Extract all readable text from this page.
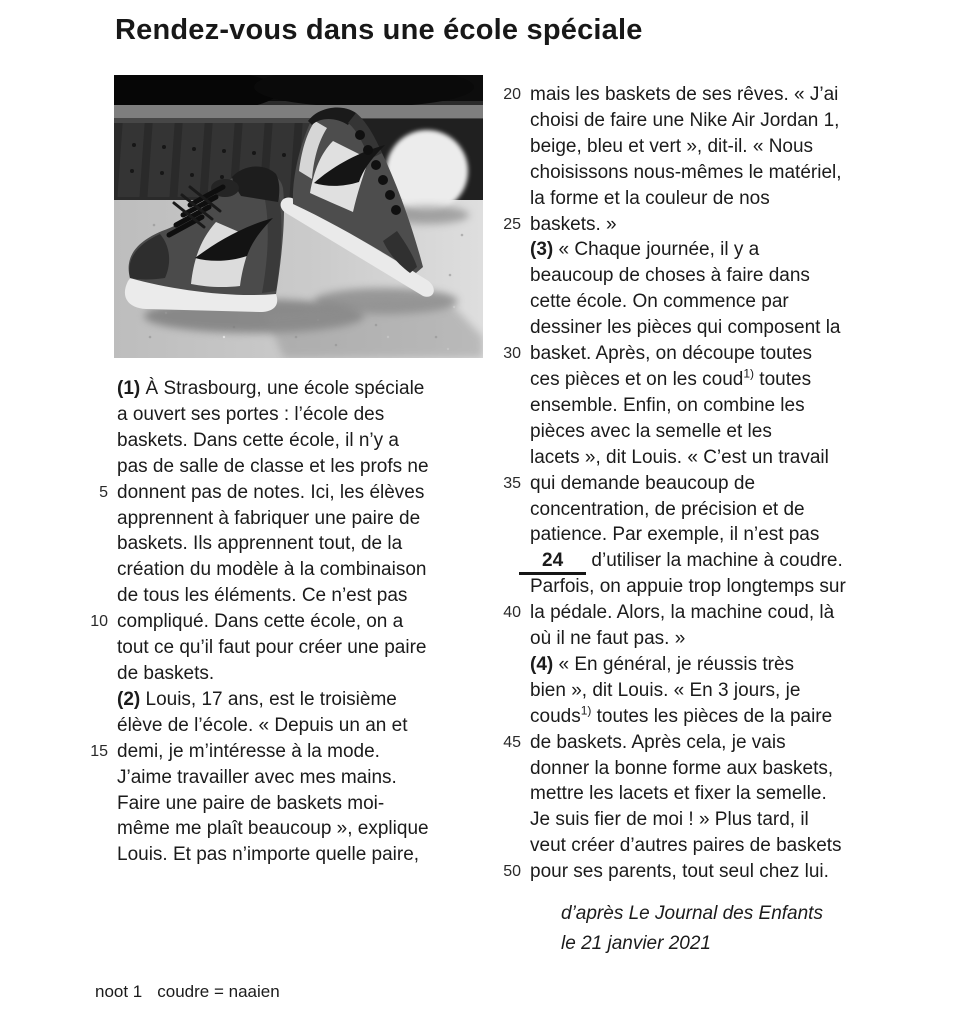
Rendez-vous dans une école spéciale
(1) À Strasbourg, une école spéciale
a ouvert ses portes : l’école des
baskets. Dans cette école, il n’y a
pas de salle de classe et les profs ne
5 donnent pas de notes. Ici, les élèves
apprennent à fabriquer une paire de
baskets. Ils apprennent tout, de la
création du modèle à la combinaison
de tous les éléments. Ce n’est pas
10 compliqué. Dans cette école, on a
tout ce qu’il faut pour créer une paire
de baskets.
(2) Louis, 17 ans, est le troisième
élève de l’école. « Depuis un an et
15 demi, je m’intéresse à la mode.
J’aime travailler avec mes mains.
Faire une paire de baskets moi-
même me plaît beaucoup », explique
Louis. Et pas n’importe quelle paire,
20 mais les baskets de ses rêves. « J’ai
choisi de faire une Nike Air Jordan 1,
beige, bleu et vert », dit-il. « Nous
choisissons nous-mêmes le matériel,
la forme et la couleur de nos
25 baskets. »
(3) « Chaque journée, il y a
beaucoup de choses à faire dans
cette école. On commence par
dessiner les pièces qui composent la
30 basket. Après, on découpe toutes
ces pièces et on les coud$^{1)}$ toutes
ensemble. Enfin, on combine les
pièces avec la semelle et les
lacets », dit Louis. « C’est un travail
35 qui demande beaucoup de
concentration, de précision et de
patience. Par exemple, il n’est pas
24 d’utiliser la machine à coudre.
Parfois, on appuie trop longtemps sur
40 la pédale. Alors, la machine coud, là
où il ne faut pas. »
(4) « En général, je réussis très
bien », dit Louis. « En 3 jours, je
couds$^{1)}$ toutes les pièces de la paire
45 de baskets. Après cela, je vais
donner la bonne forme aux baskets,
mettre les lacets et fixer la semelle.
Je suis fier de moi ! » Plus tard, il
veut créer d’autres paires de baskets
50 pour ses parents, tout seul chez lui.
d’après Le Journal des Enfants
le 21 janvier 2021
noot 1 coudre = naaien
